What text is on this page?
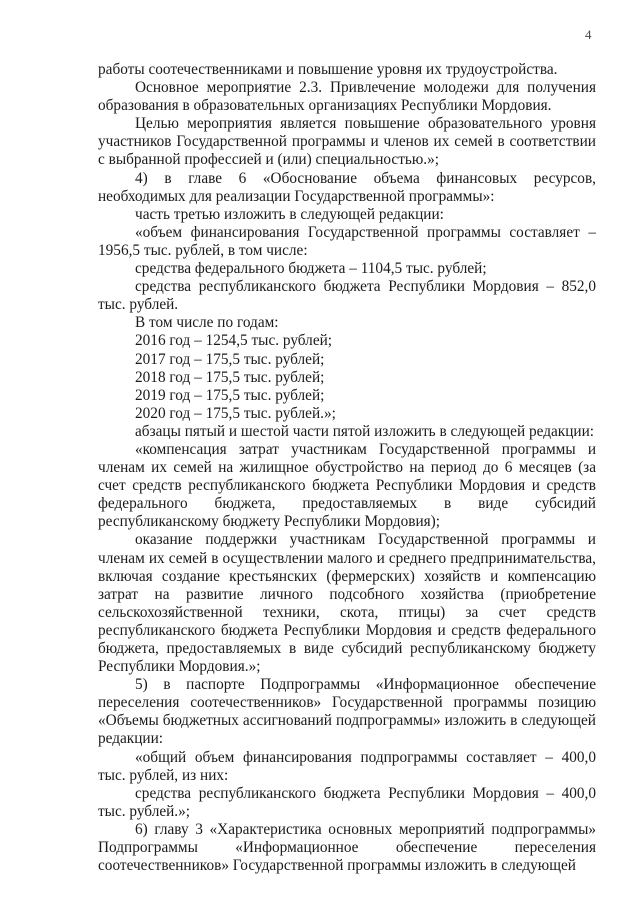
4

работы соотечественниками и повышение уровня их трудоустройства.

Основное мероприятие 2.3. Привлечение молодежи для получения образования в образовательных организациях Республики Мордовия.

Целью мероприятия является повышение образовательного уровня участников Государственной программы и членов их семей в соответствии с выбранной профессией и (или) специальностью.»;

4) в главе 6 «Обоснование объема финансовых ресурсов, необходимых для реализации Государственной программы»:

часть третью изложить в следующей редакции:

«объем финансирования Государственной программы составляет – 1956,5 тыс. рублей, в том числе:

средства федерального бюджета – 1104,5 тыс. рублей;

средства республиканского бюджета Республики Мордовия – 852,0 тыс. рублей.

В том числе по годам:

2016 год – 1254,5 тыс. рублей;

2017 год – 175,5 тыс. рублей;

2018 год – 175,5 тыс. рублей;

2019 год – 175,5 тыс. рублей;

2020 год – 175,5 тыс. рублей.»;

абзацы пятый и шестой части пятой изложить в следующей редакции:

«компенсация затрат участникам Государственной программы и членам их семей на жилищное обустройство на период до 6 месяцев (за счет средств республиканского бюджета Республики Мордовия и средств федерального бюджета, предоставляемых в виде субсидий республиканскому бюджету Республики Мордовия);

оказание поддержки участникам Государственной программы и членам их семей в осуществлении малого и среднего предпринимательства, включая создание крестьянских (фермерских) хозяйств и компенсацию затрат на развитие личного подсобного хозяйства (приобретение сельскохозяйственной техники, скота, птицы) за счет средств республиканского бюджета Республики Мордовия и средств федерального бюджета, предоставляемых в виде субсидий республиканскому бюджету Республики Мордовия.»;

5) в паспорте Подпрограммы «Информационное обеспечение переселения соотечественников» Государственной программы позицию «Объемы бюджетных ассигнований подпрограммы» изложить в следующей редакции:

«общий объем финансирования подпрограммы составляет – 400,0 тыс. рублей, из них:

средства республиканского бюджета Республики Мордовия – 400,0 тыс. рублей.»;

6) главу 3 «Характеристика основных мероприятий подпрограммы» Подпрограммы «Информационное обеспечение переселения соотечественников» Государственной программы изложить в следующей
